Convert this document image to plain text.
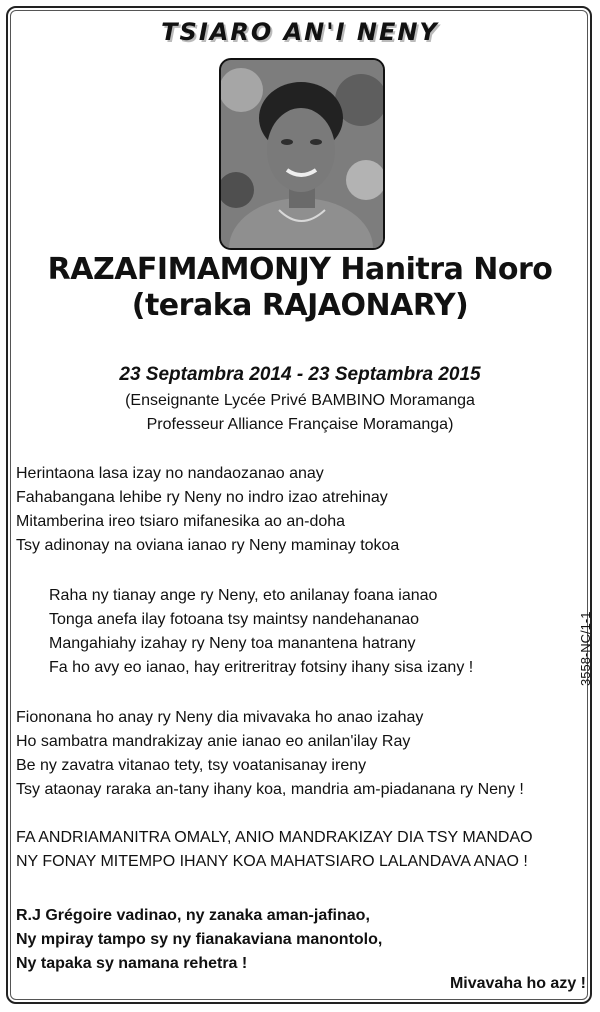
TSIARO AN'I NENY
RAZAFIMAMONJY Hanitra Noro
(teraka RAJAONARY)
23 Septambra 2014 - 23 Septambra 2015
(Enseignante Lycée Privé BAMBINO Moramanga
Professeur Alliance Française Moramanga)
Herintaona lasa izay no nandaozanao anay
Fahabangana lehibe ry Neny no indro izao atrehinay
Mitamberina ireo tsiaro mifanesika ao an-doha
Tsy adinonay na oviana ianao ry Neny maminay tokoa
Raha ny tianay ange ry Neny, eto anilanay foana ianao
Tonga anefa ilay fotoana tsy maintsy nandehananao
Mangahiahy izahay ry Neny toa manantena hatrany
Fa ho avy eo ianao, hay eritreritray fotsiny ihany sisa izany !
Fiononana ho anay ry Neny dia mivavaka ho anao izahay
Ho sambatra mandrakizay anie ianao eo anilan'ilay Ray
Be ny zavatra vitanao tety, tsy voatanisanay ireny
Tsy ataonay raraka an-tany ihany koa, mandria am-piadanana ry Neny !
FA ANDRIAMANITRA OMALY, ANIO MANDRAKIZAY DIA TSY MANDAO
NY FONAY MITEMPO IHANY KOA MAHATSIARO LALANDAVA ANAO !
R.J Grégoire vadinao, ny zanaka aman-jafinao,
Ny mpiray tampo sy ny fianakaviana manontolo,
Ny tapaka sy namana rehetra !
Mivavaha ho azy !
3558-NC/1-1
